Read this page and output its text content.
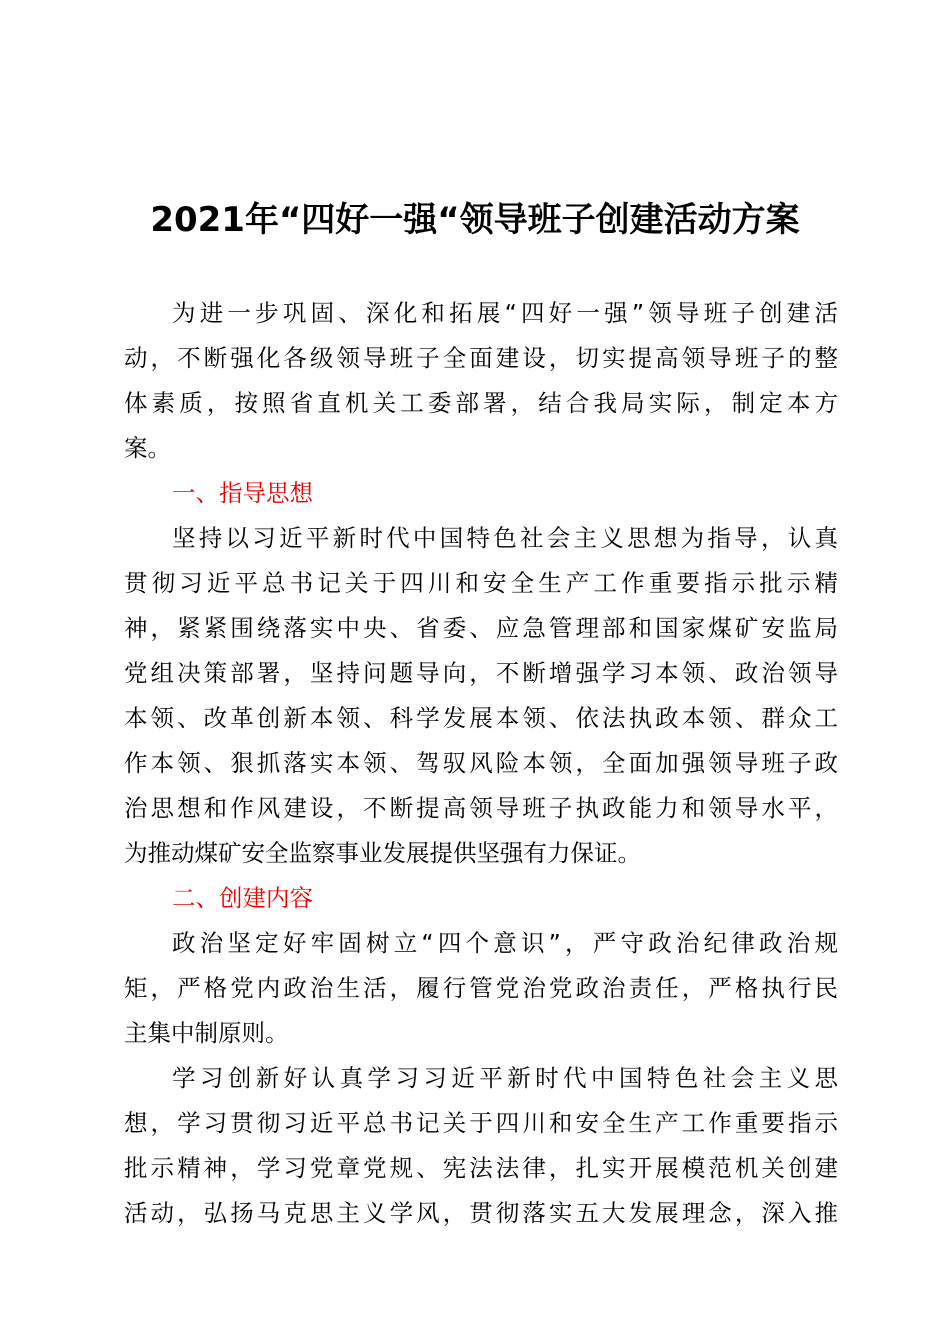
2021年“四好一强“领导班子创建活动方案
为进一步巩固、深化和拓展“四好一强”领导班子创建活
动，不断强化各级领导班子全面建设，切实提高领导班子的整
体素质，按照省直机关工委部署，结合我局实际，制定本方
案。
一、指导思想
坚持以习近平新时代中国特色社会主义思想为指导，认真
贯彻习近平总书记关于四川和安全生产工作重要指示批示精
神，紧紧围绕落实中央、省委、应急管理部和国家煤矿安监局
党组决策部署，坚持问题导向，不断增强学习本领、政治领导
本领、改革创新本领、科学发展本领、依法执政本领、群众工
作本领、狠抓落实本领、驾驭风险本领，全面加强领导班子政
治思想和作风建设，不断提高领导班子执政能力和领导水平，
为推动煤矿安全监察事业发展提供坚强有力保证。
二、创建内容
政治坚定好牢固树立“四个意识”，严守政治纪律政治规
矩，严格党内政治生活，履行管党治党政治责任，严格执行民
主集中制原则。
学习创新好认真学习习近平新时代中国特色社会主义思
想，学习贯彻习近平总书记关于四川和安全生产工作重要指示
批示精神，学习党章党规、宪法法律，扎实开展模范机关创建
活动，弘扬马克思主义学风，贯彻落实五大发展理念，深入推
